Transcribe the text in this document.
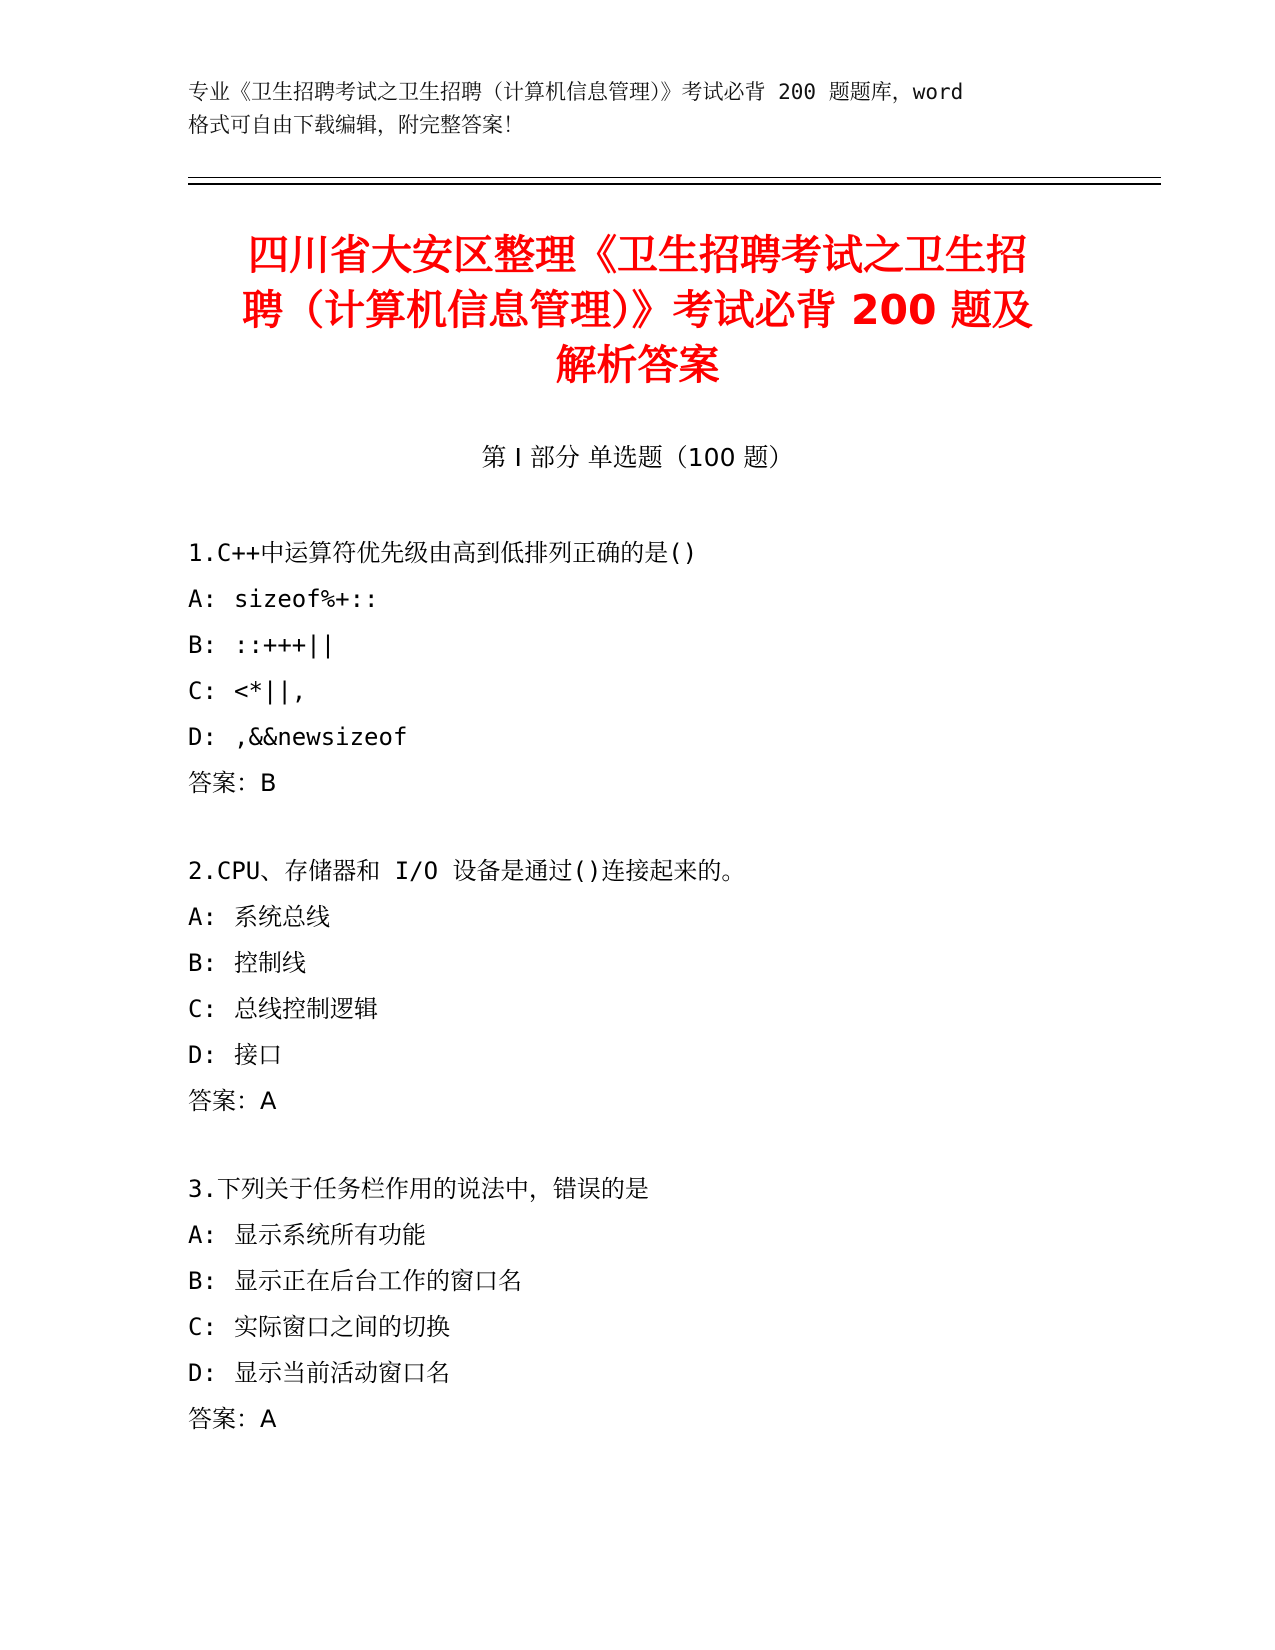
专业《卫生招聘考试之卫生招聘（计算机信息管理）》考试必背 200 题题库，word
格式可自由下载编辑，附完整答案！
四川省大安区整理《卫生招聘考试之卫生招
聘（计算机信息管理）》考试必背 200 题及
解析答案
第 I 部分 单选题（100 题）
1.C++中运算符优先级由高到低排列正确的是()
A: sizeof%+::
B: ::+++||
C: <*||,
D: ,&&newsizeof
答案：B
2.CPU、存储器和 I/O 设备是通过()连接起来的。
A: 系统总线
B: 控制线
C: 总线控制逻辑
D: 接口
答案：A
3.下列关于任务栏作用的说法中，错误的是
A: 显示系统所有功能
B: 显示正在后台工作的窗口名
C: 实际窗口之间的切换
D: 显示当前活动窗口名
答案：A
